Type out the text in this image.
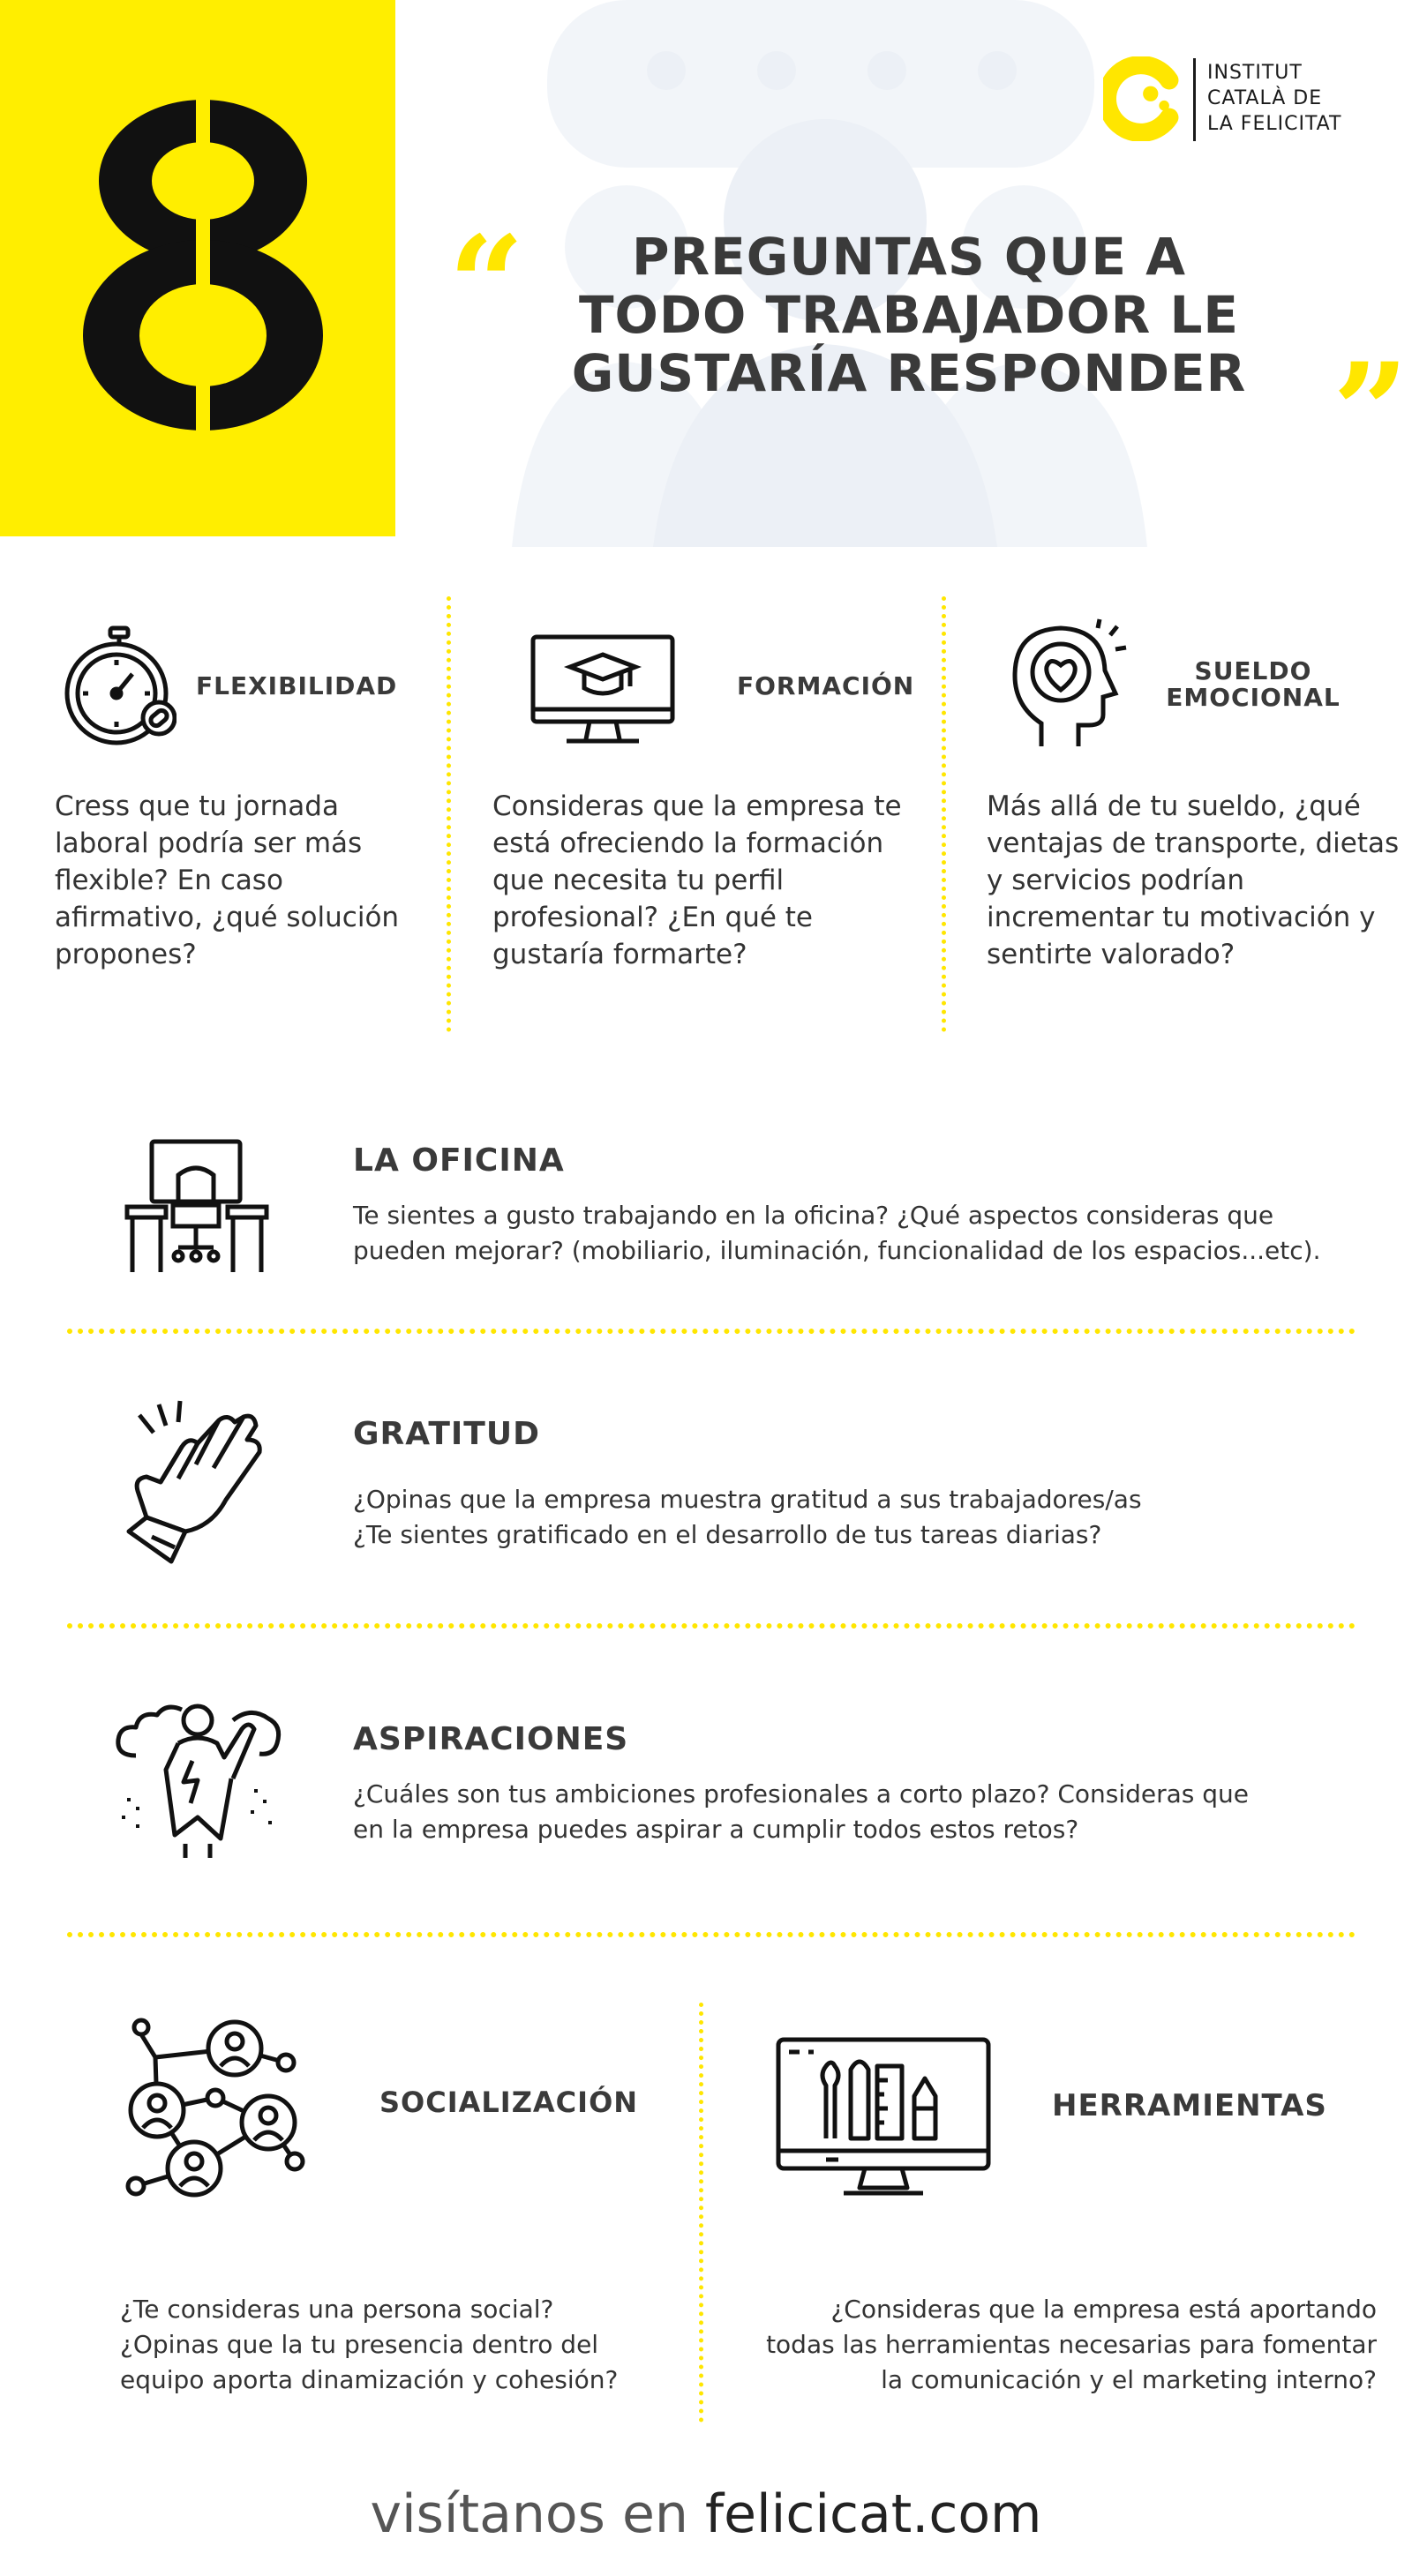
INSTITUT
CATALÀ DE
LA FELICITAT
“
”
PREGUNTAS QUE A
TODO TRABAJADOR LE
GUSTARÍA RESPONDER
FLEXIBILIDAD
Cress que tu jornada laboral podría ser más flexible? En caso afirmativo, ¿qué solución propones?
FORMACIÓN
Consideras que la empresa te está ofreciendo la formación que necesita tu perfil profesional? ¿En qué te gustaría formarte?
SUELDO
EMOCIONAL
Más allá de tu sueldo, ¿qué ventajas de transporte, dietas y servicios podrían incrementar tu motivación y sentirte valorado?
LA OFICINA
Te sientes a gusto trabajando en la oficina? ¿Qué aspectos consideras que
pueden mejorar? (mobiliario, iluminación, funcionalidad de los espacios...etc).
GRATITUD
¿Opinas que la empresa muestra gratitud a sus trabajadores/as
¿Te sientes gratificado en el desarrollo de tus tareas diarias?
ASPIRACIONES
¿Cuáles son tus ambiciones profesionales a corto plazo? Consideras que
en la empresa puedes aspirar a cumplir todos estos retos?
SOCIALIZACIÓN
¿Te consideras una persona social?
¿Opinas que la tu presencia dentro del
equipo aporta dinamización y cohesión?
HERRAMIENTAS
¿Consideras que la empresa está aportando
todas las herramientas necesarias para fomentar
la comunicación y el marketing interno?
visítanos en felicicat.com
